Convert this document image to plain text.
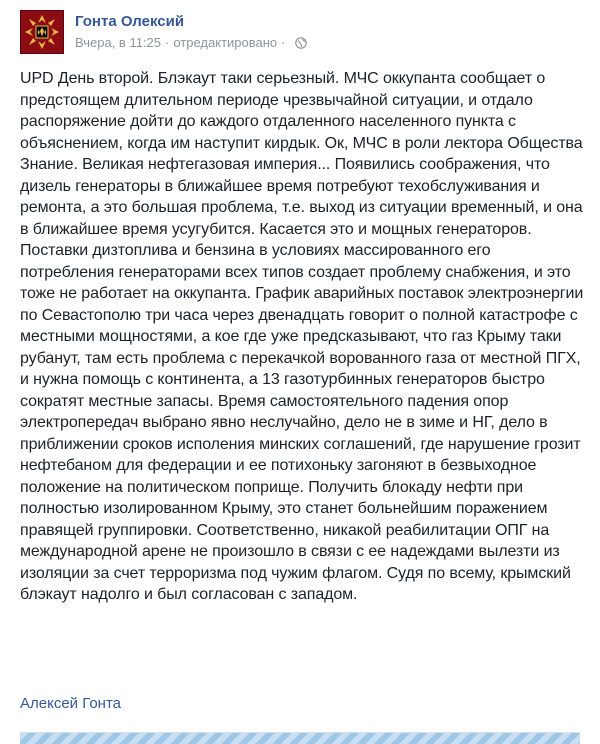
Гонта Олексий
Вчера, в 11:25 · отредактировано ·
UPD День второй. Блэкаут таки серьезный. МЧС оккупанта сообщает о предстоящем длительном периоде чрезвычайной ситуации, и отдало распоряжение дойти до каждого отдаленного населенного пункта с объяснением, когда им наступит кирдык. Ок, МЧС в роли лектора Общества Знание. Великая нефтегазовая империя... Появились соображения, что дизель генераторы в ближайшее время потребуют техобслуживания и ремонта, а это большая проблема, т.е. выход из ситуации временный, и она в ближайшее время усугубится. Касается это и мощных генераторов. Поставки дизтоплива и бензина в условиях массированного его потребления генераторами всех типов создает проблему снабжения, и это тоже не работает на оккупанта. График аварийных поставок электроэнергии по Севастополю три часа через двенадцать говорит о полной катастрофе с местными мощностями, а кое где уже предсказывают, что газ Крыму таки рубанут, там есть проблема с перекачкой ворованного газа от местной ПГХ, и нужна помощь с континента, а 13 газотурбинных генераторов быстро сократят местные запасы. Время самостоятельного падения опор электропередач выбрано явно неслучайно, дело не в зиме и НГ, дело в приближении сроков исполения минских соглашений, где нарушение грозит нефтебаном для федерации и ее потихоньку загоняют в безвыходное положение на политическом поприще. Получить блокаду нефти при полностью изолированном Крыму, это станет больнейшим поражением правящей группировки. Соответственно, никакой реабилитации ОПГ на международной арене не произошло в связи с ее надеждами вылезти из изоляции за счет терроризма под чужим флагом. Судя по всему, крымский блэкаут надолго и был согласован с западом.
Алексей Гонта
